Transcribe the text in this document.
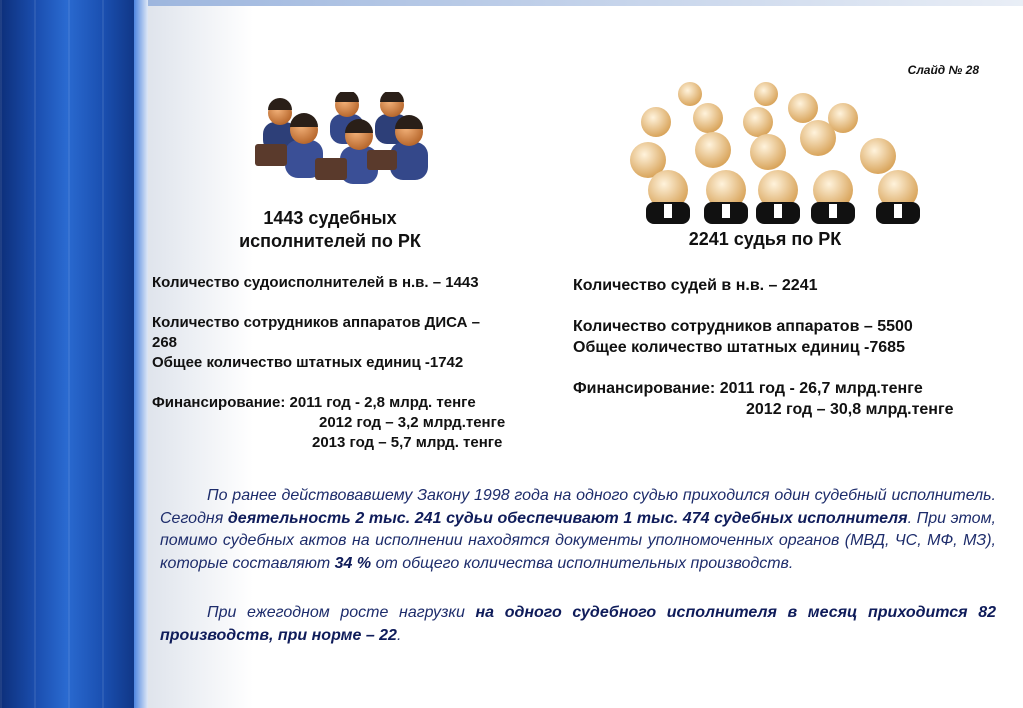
Слайд № 28
1443 судебных
исполнителей по РК	2241 судья по РК

Количество судоисполнителей в н.в. – 1443

Количество сотрудников аппаратов ДИСА –

268

Общее количество штатных единиц -1742

Финансирование: 2011 год - 2,8 млрд. тенге

2012 год – 3,2 млрд.тенге

2013 год – 5,7 млрд. тенге

Количество судей в н.в. – 2241

Количество сотрудников аппаратов – 5500

Общее количество штатных единиц -7685

Финансирование: 2011 год - 26,7 млрд.тенге

2012 год – 30,8 млрд.тенге

По ранее действовавшему Закону 1998 года на одного судью приходился один судебный исполнитель. Сегодня деятельность 2 тыс. 241 судьи обеспечивают 1 тыс. 474 судебных исполнителя. При этом, помимо судебных актов на исполнении находятся документы уполномоченных органов (МВД, ЧС, МФ, МЗ), которые составляют 34 % от общего количества исполнительных производств.

При ежегодном росте нагрузки на одного судебного исполнителя в месяц приходится 82 производств, при норме – 22.
